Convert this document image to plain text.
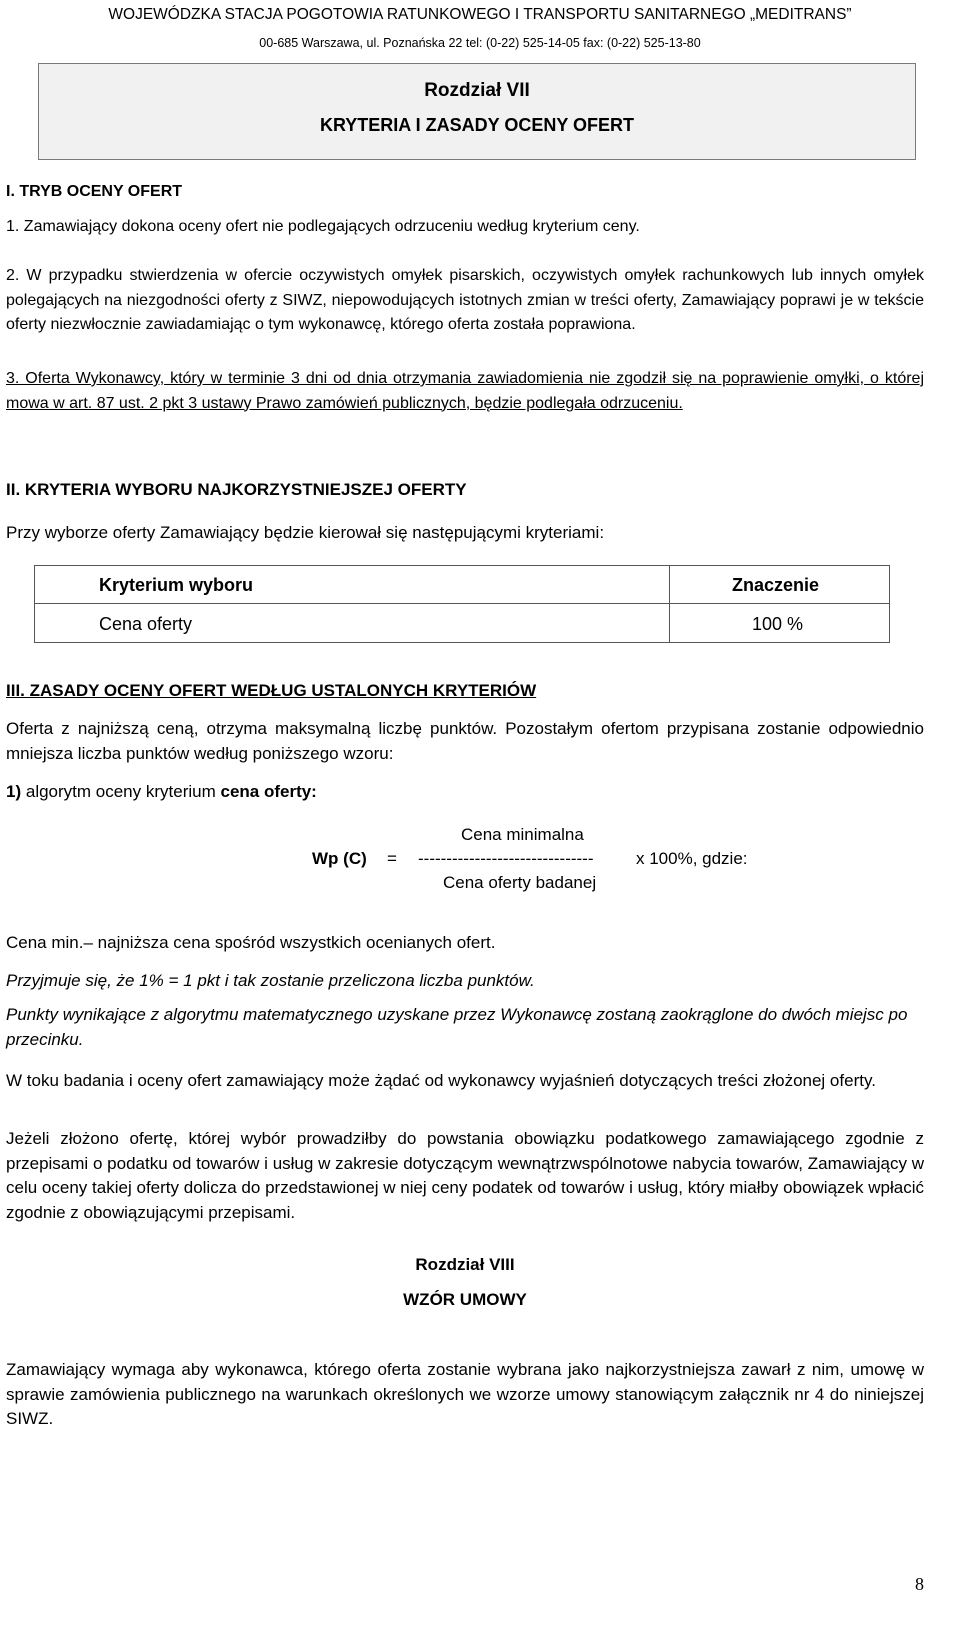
WOJEWÓDZKA STACJA POGOTOWIA RATUNKOWEGO I TRANSPORTU SANITARNEGO „MEDITRANS”
00-685 Warszawa, ul. Poznańska 22 tel: (0-22) 525-14-05 fax: (0-22) 525-13-80
Rozdział VII
KRYTERIA I ZASADY OCENY OFERT
I. TRYB OCENY OFERT
1. Zamawiający dokona oceny ofert nie podlegających odrzuceniu według kryterium ceny.
2. W przypadku stwierdzenia w ofercie oczywistych omyłek pisarskich, oczywistych omyłek rachunkowych lub innych omyłek polegających na niezgodności oferty z SIWZ, niepowodujących istotnych zmian w treści oferty, Zamawiający poprawi je w tekście oferty niezwłocznie zawiadamiając o tym wykonawcę, którego oferta została poprawiona.
3. Oferta Wykonawcy, który w terminie 3 dni od dnia otrzymania zawiadomienia nie zgodził się na poprawienie omyłki, o której mowa w art. 87 ust. 2 pkt 3 ustawy Prawo zamówień publicznych, będzie podlegała odrzuceniu.
II. KRYTERIA WYBORU NAJKORZYSTNIEJSZEJ OFERTY
Przy wyborze oferty Zamawiający będzie kierował się następującymi kryteriami:
Kryterium wyboru	Znaczenie
Cena oferty	100 %
III. ZASADY OCENY OFERT WEDŁUG USTALONYCH KRYTERIÓW
Oferta z najniższą ceną, otrzyma maksymalną liczbę punktów. Pozostałym ofertom przypisana zostanie odpowiednio mniejsza liczba punktów według poniższego wzoru:
1) algorytm oceny kryterium cena oferty:
Cena minimalna
Wp (C) = -------------------------------	x 100%, gdzie:
Cena oferty badanej
Cena min.– najniższa cena spośród wszystkich ocenianych ofert.
Przyjmuje się, że 1% = 1 pkt i tak zostanie przeliczona liczba punktów.
Punkty wynikające z algorytmu matematycznego uzyskane przez Wykonawcę zostaną zaokrąglone do dwóch miejsc po przecinku.
W toku badania i oceny ofert zamawiający może żądać od wykonawcy wyjaśnień dotyczących treści złożonej oferty.
Jeżeli złożono ofertę, której wybór prowadziłby do powstania obowiązku podatkowego zamawiającego zgodnie z przepisami o podatku od towarów i usług w zakresie dotyczącym wewnątrzwspólnotowe nabycia towarów, Zamawiający w celu oceny takiej oferty dolicza do przedstawionej w niej ceny podatek od towarów i usług, który miałby obowiązek wpłacić zgodnie z obowiązującymi przepisami.
Rozdział VIII
WZÓR UMOWY
Zamawiający wymaga aby wykonawca, którego oferta zostanie wybrana jako najkorzystniejsza zawarł z nim, umowę w sprawie zamówienia publicznego na warunkach określonych we wzorze umowy stanowiącym załącznik nr 4 do niniejszej SIWZ.
8
